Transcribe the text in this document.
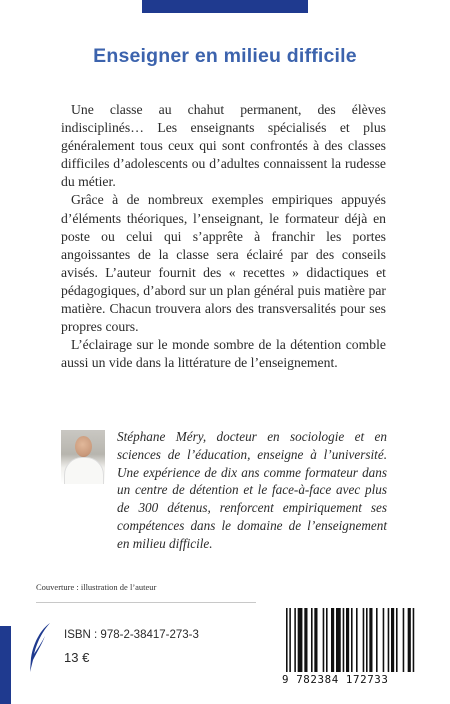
Enseigner en milieu difficile

Une classe au chahut permanent, des élèves indisciplinés… Les enseignants spécialisés et plus généralement tous ceux qui sont confrontés à des classes difficiles d’adolescents ou d’adultes connaissent la rudesse du métier.

Grâce à de nombreux exemples empiriques appuyés d’éléments théoriques, l’enseignant, le formateur déjà en poste ou celui qui s’apprête à franchir les portes angoissantes de la classe sera éclairé par des conseils avisés. L’auteur fournit des « recettes » didactiques et pédagogiques, d’abord sur un plan général puis matière par matière. Chacun trouvera alors des transversalités pour ses propres cours.

L’éclairage sur le monde sombre de la détention comble aussi un vide dans la littérature de l’enseignement.

Stéphane Méry, docteur en sociologie et en sciences de l’éducation, enseigne à l’université. Une expérience de dix ans comme formateur dans un centre de détention et le face-à-face avec plus de 300 détenus, renforcent empiriquement ses compétences dans le domaine de l’enseignement en milieu difficile.
Couverture : illustration de l’auteur
ISBN : 978-2-38417-273-3
13 €
9 782384 172733
